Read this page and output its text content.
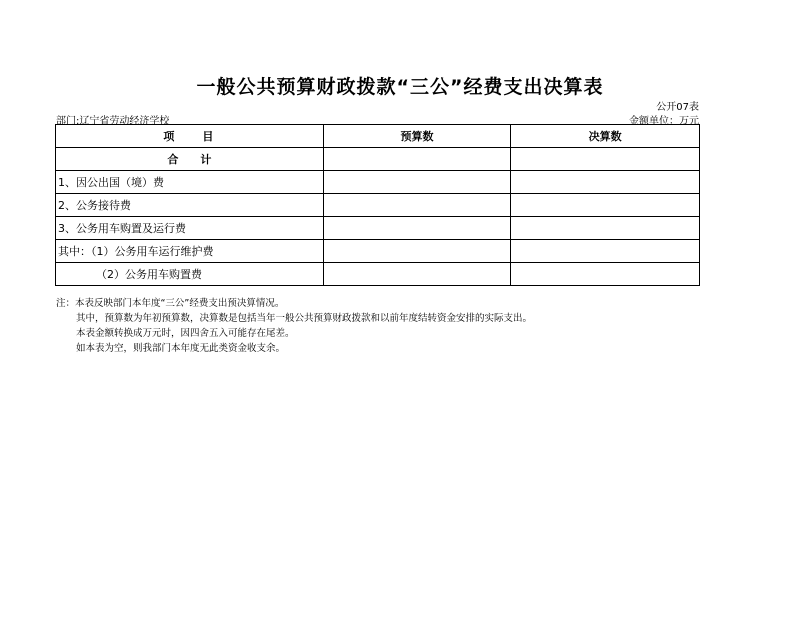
一般公共预算财政拨款“三公”经费支出决算表
公开07表
部门:辽宁省劳动经济学校	金额单位：万元
项　　目	预算数	决算数
合　　计		
1、因公出国（境）费		
2、公务接待费		
3、公务用车购置及运行费		
其中：（1）公务用车运行维护费		
（2）公务用车购置费		
注：本表反映部门本年度“三公”经费支出预决算情况。
其中，预算数为年初预算数，决算数是包括当年一般公共预算财政拨款和以前年度结转资金安排的实际支出。
本表金额转换成万元时，因四舍五入可能存在尾差。
如本表为空，则我部门本年度无此类资金收支余。
